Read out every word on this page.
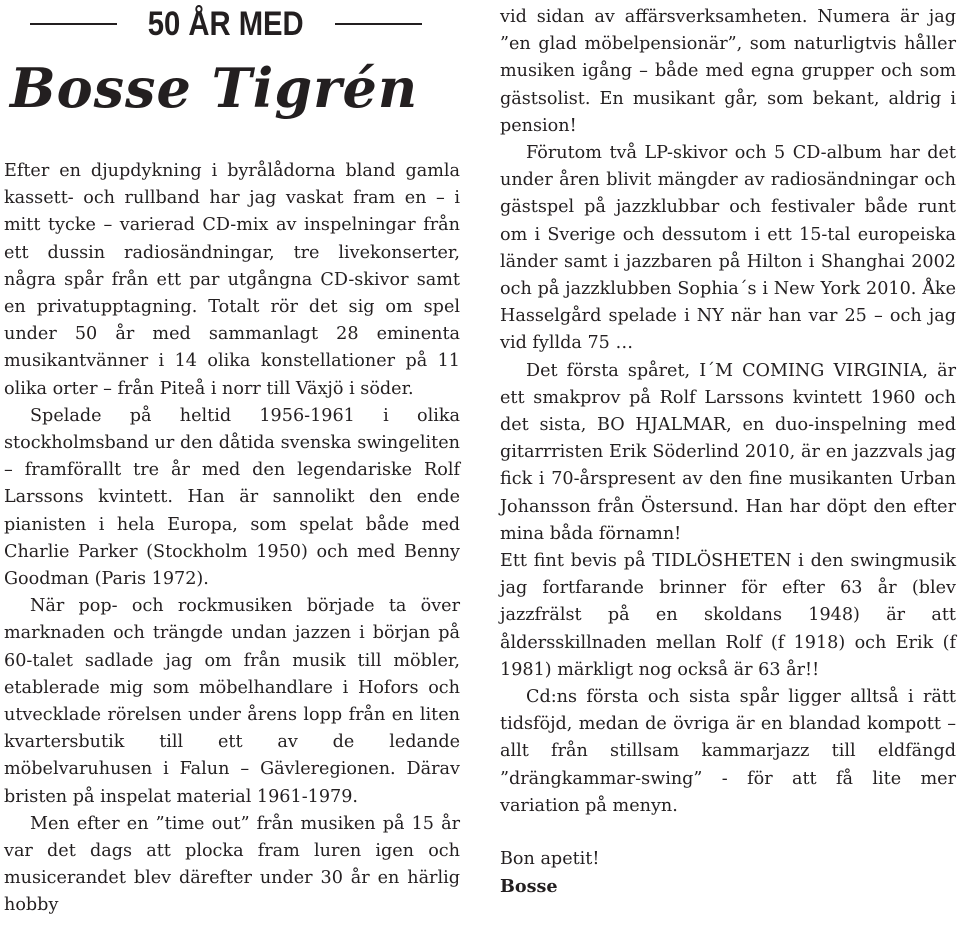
50 ÅR MED
Bosse Tigrén

Efter en djupdykning i byrålådorna bland gamla kassett- och rullband har jag vaskat fram en – i mitt tycke – varierad CD-mix av inspelningar från ett dussin radiosändningar, tre livekonserter, några spår från ett par utgångna CD-skivor samt en privatupptagning. Totalt rör det sig om spel under 50 år med sammanlagt 28 eminenta musikantvänner i 14 olika konstellationer på 11 olika orter – från Piteå i norr till Växjö i söder.

Spelade på heltid 1956-1961 i olika stockholmsband ur den dåtida svenska swingeliten – framförallt tre år med den legendariske Rolf Larssons kvintett. Han är sannolikt den ende pianisten i hela Europa, som spelat både med Charlie Parker (Stockholm 1950) och med Benny Goodman (Paris 1972).

När pop- och rockmusiken började ta över marknaden och trängde undan jazzen i början på 60-talet sadlade jag om från musik till möbler, etablerade mig som möbelhandlare i Hofors och utvecklade rörelsen under årens lopp från en liten kvartersbutik till ett av de ledande möbelvaruhusen i Falun – Gävleregionen. Därav bristen på inspelat material 1961-1979.

Men efter en ”time out” från musiken på 15 år var det dags att plocka fram luren igen och musicerandet blev därefter under 30 år en härlig hobby

vid sidan av affärsverksamheten. Numera är jag ”en glad möbelpensionär”, som naturligtvis håller musiken igång – både med egna grupper och som gästsolist. En musikant går, som bekant, aldrig i pension!

Förutom två LP-skivor och 5 CD-album har det under åren blivit mängder av radiosändningar och gästspel på jazzklubbar och festivaler både runt om i Sverige och dessutom i ett 15-tal europeiska länder samt i jazzbaren på Hilton i Shanghai 2002 och på jazzklubben Sophia´s i New York 2010. Åke Hasselgård spelade i NY när han var 25 – och jag vid fyllda 75 …

Det första spåret, I´M COMING VIRGINIA, är ett smakprov på Rolf Larssons kvintett 1960 och det sista, BO HJALMAR, en duo-inspelning med gitarrristen Erik Söderlind 2010, är en jazzvals jag fick i 70-årspresent av den fine musikanten Urban Johansson från Östersund. Han har döpt den efter mina båda förnamn!

Ett fint bevis på TIDLÖSHETEN i den swingmusik jag fortfarande brinner för efter 63 år (blev jazzfrälst på en skoldans 1948) är att åldersskillnaden mellan Rolf (f 1918) och Erik (f 1981) märkligt nog också är 63 år!!

Cd:ns första och sista spår ligger alltså i rätt tidsföjd, medan de övriga är en blandad kompott – allt från stillsam kammarjazz till eldfängd ”drängkammar-swing” - för att få lite mer variation på menyn.

Bon apetit!
Bosse
